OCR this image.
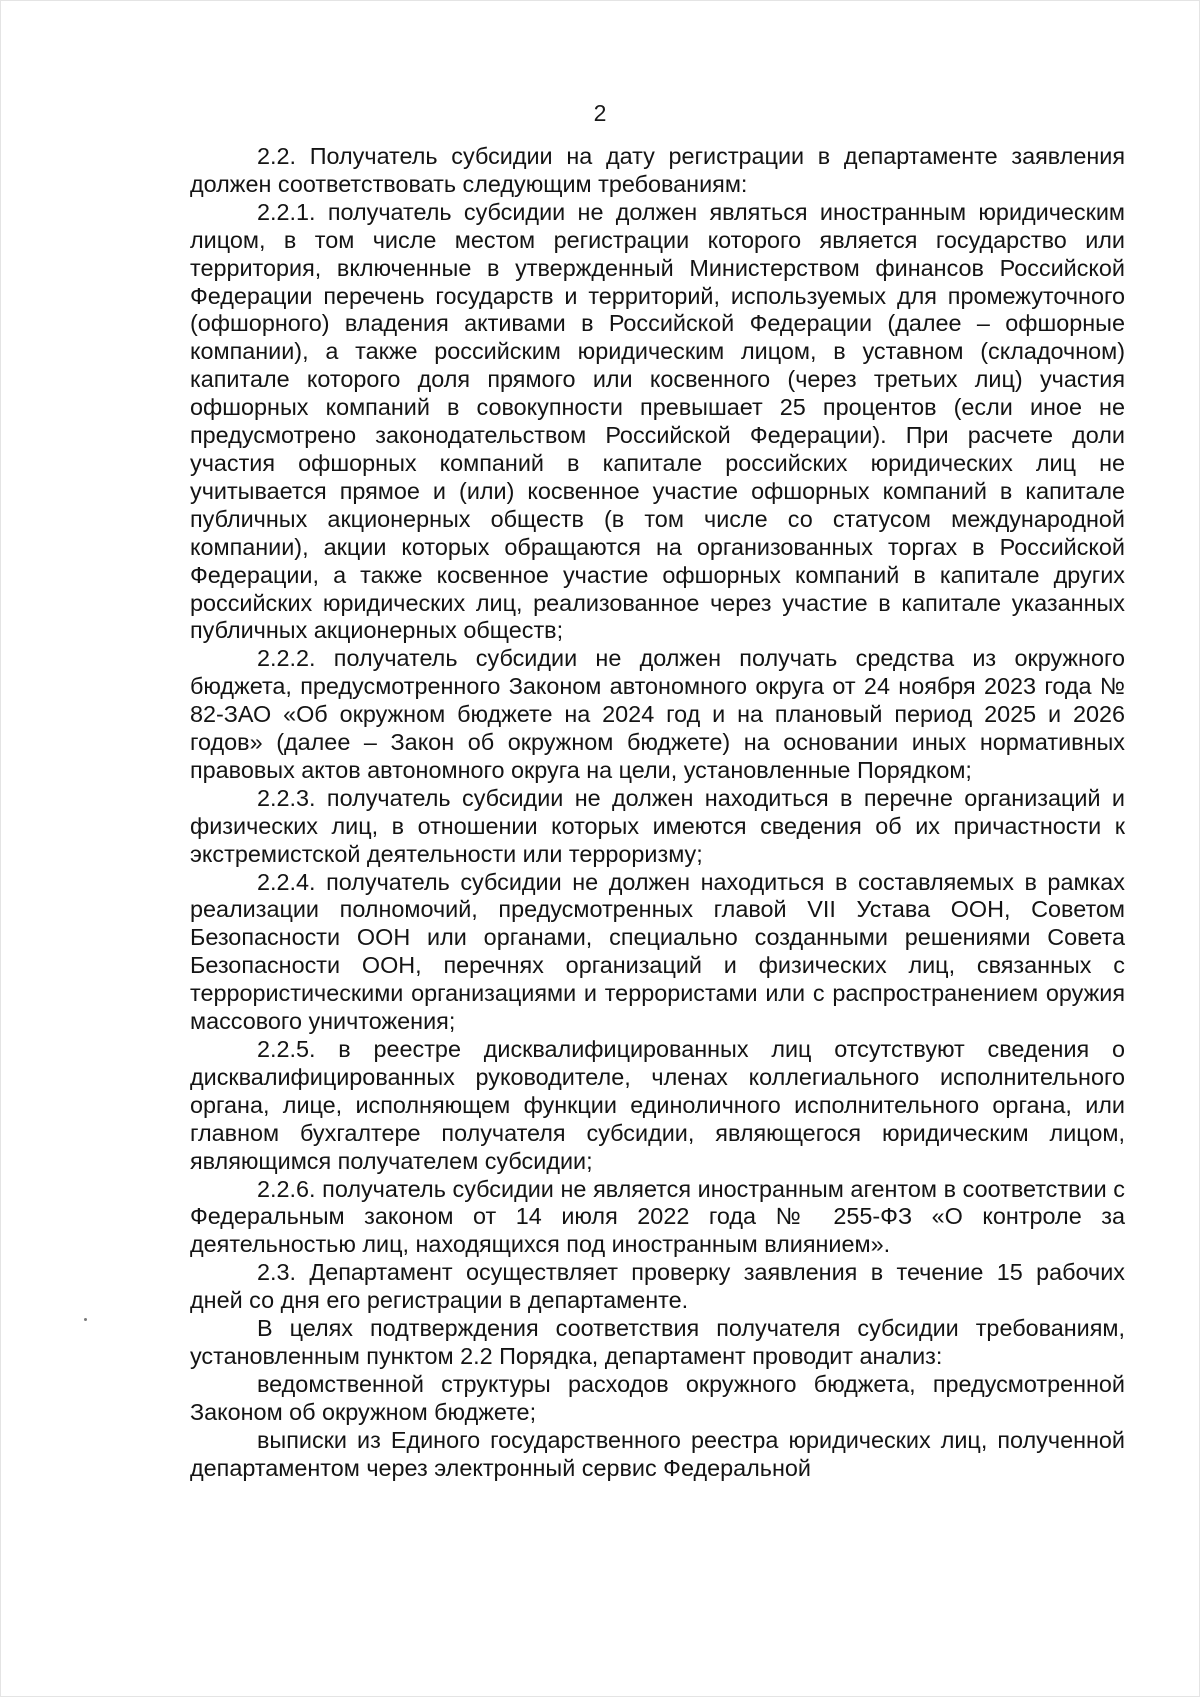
2

2.2. Получатель субсидии на дату регистрации в департаменте заявления должен соответствовать следующим требованиям:

2.2.1. получатель субсидии не должен являться иностранным юридическим лицом, в том числе местом регистрации которого является государство или территория, включенные в утвержденный Министерством финансов Российской Федерации перечень государств и территорий, используемых для промежуточного (офшорного) владения активами в Российской Федерации (далее – офшорные компании), а также российским юридическим лицом, в уставном (складочном) капитале которого доля прямого или косвенного (через третьих лиц) участия офшорных компаний в совокупности превышает 25 процентов (если иное не предусмотрено законодательством Российской Федерации). При расчете доли участия офшорных компаний в капитале российских юридических лиц не учитывается прямое и (или) косвенное участие офшорных компаний в капитале публичных акционерных обществ (в том числе со статусом международной компании), акции которых обращаются на организованных торгах в Российской Федерации, а также косвенное участие офшорных компаний в капитале других российских юридических лиц, реализованное через участие в капитале указанных публичных акционерных обществ;

2.2.2. получатель субсидии не должен получать средства из окружного бюджета, предусмотренного Законом автономного округа от 24 ноября 2023 года № 82-ЗАО «Об окружном бюджете на 2024 год и на плановый период 2025 и 2026 годов» (далее – Закон об окружном бюджете) на основании иных нормативных правовых актов автономного округа на цели, установленные Порядком;

2.2.3. получатель субсидии не должен находиться в перечне организаций и физических лиц, в отношении которых имеются сведения об их причастности к экстремистской деятельности или терроризму;

2.2.4. получатель субсидии не должен находиться в составляемых в рамках реализации полномочий, предусмотренных главой VII Устава ООН, Советом Безопасности ООН или органами, специально созданными решениями Совета Безопасности ООН, перечнях организаций и физических лиц, связанных с террористическими организациями и террористами или с распространением оружия массового уничтожения;

2.2.5. в реестре дисквалифицированных лиц отсутствуют сведения о дисквалифицированных руководителе, членах коллегиального исполнительного органа, лице, исполняющем функции единоличного исполнительного органа, или главном бухгалтере получателя субсидии, являющегося юридическим лицом, являющимся получателем субсидии;

2.2.6. получатель субсидии не является иностранным агентом в соответствии с Федеральным законом от 14 июля 2022 года № 255-ФЗ «О контроле за деятельностью лиц, находящихся под иностранным влиянием».

2.3. Департамент осуществляет проверку заявления в течение 15 рабочих дней со дня его регистрации в департаменте.

В целях подтверждения соответствия получателя субсидии требованиям, установленным пунктом 2.2 Порядка, департамент проводит анализ:

ведомственной структуры расходов окружного бюджета, предусмотренной Законом об окружном бюджете;

выписки из Единого государственного реестра юридических лиц, полученной департаментом через электронный сервис Федеральной
